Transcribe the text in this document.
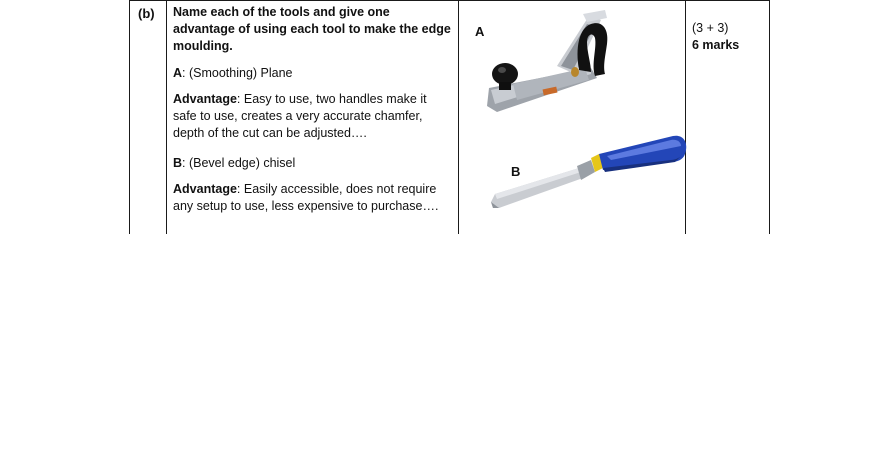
(b) Name each of the tools and give one advantage of using each tool to make the edge moulding.

A: (Smoothing) Plane

Advantage: Easy to use, two handles make it safe to use, creates a very accurate chamfer, depth of the cut can be adjusted….

B: (Bevel edge) chisel

Advantage: Easily accessible, does not require any setup to use, less expensive to purchase….

A
B
(3 + 3)
6 marks
